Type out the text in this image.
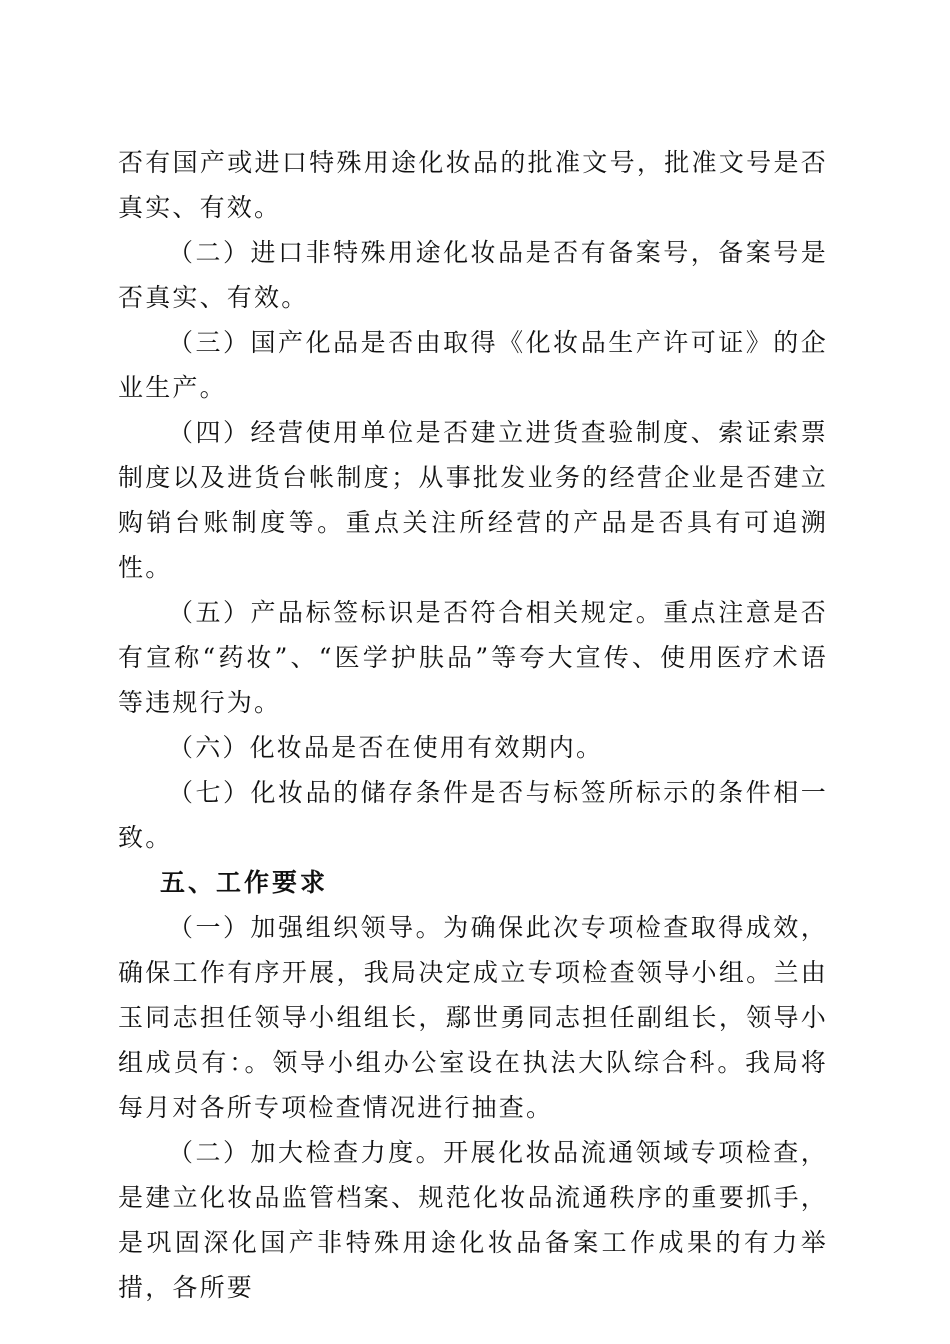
否有国产或进口特殊用途化妆品的批准文号，批准文号是否真实、有效。

（二）进口非特殊用途化妆品是否有备案号，备案号是否真实、有效。

（三）国产化品是否由取得《化妆品生产许可证》的企业生产。

（四）经营使用单位是否建立进货查验制度、索证索票制度以及进货台帐制度；从事批发业务的经营企业是否建立购销台账制度等。重点关注所经营的产品是否具有可追溯性。

（五）产品标签标识是否符合相关规定。重点注意是否有宣称“药妆”、“医学护肤品”等夸大宣传、使用医疗术语等违规行为。

（六）化妆品是否在使用有效期内。

（七）化妆品的储存条件是否与标签所标示的条件相一致。

五、工作要求

（一）加强组织领导。为确保此次专项检查取得成效，确保工作有序开展，我局决定成立专项检查领导小组。兰由玉同志担任领导小组组长，鄢世勇同志担任副组长，领导小组成员有：。领导小组办公室设在执法大队综合科。我局将每月对各所专项检查情况进行抽查。

（二）加大检查力度。开展化妆品流通领域专项检查，是建立化妆品监管档案、规范化妆品流通秩序的重要抓手，是巩固深化国产非特殊用途化妆品备案工作成果的有力举措，各所要
